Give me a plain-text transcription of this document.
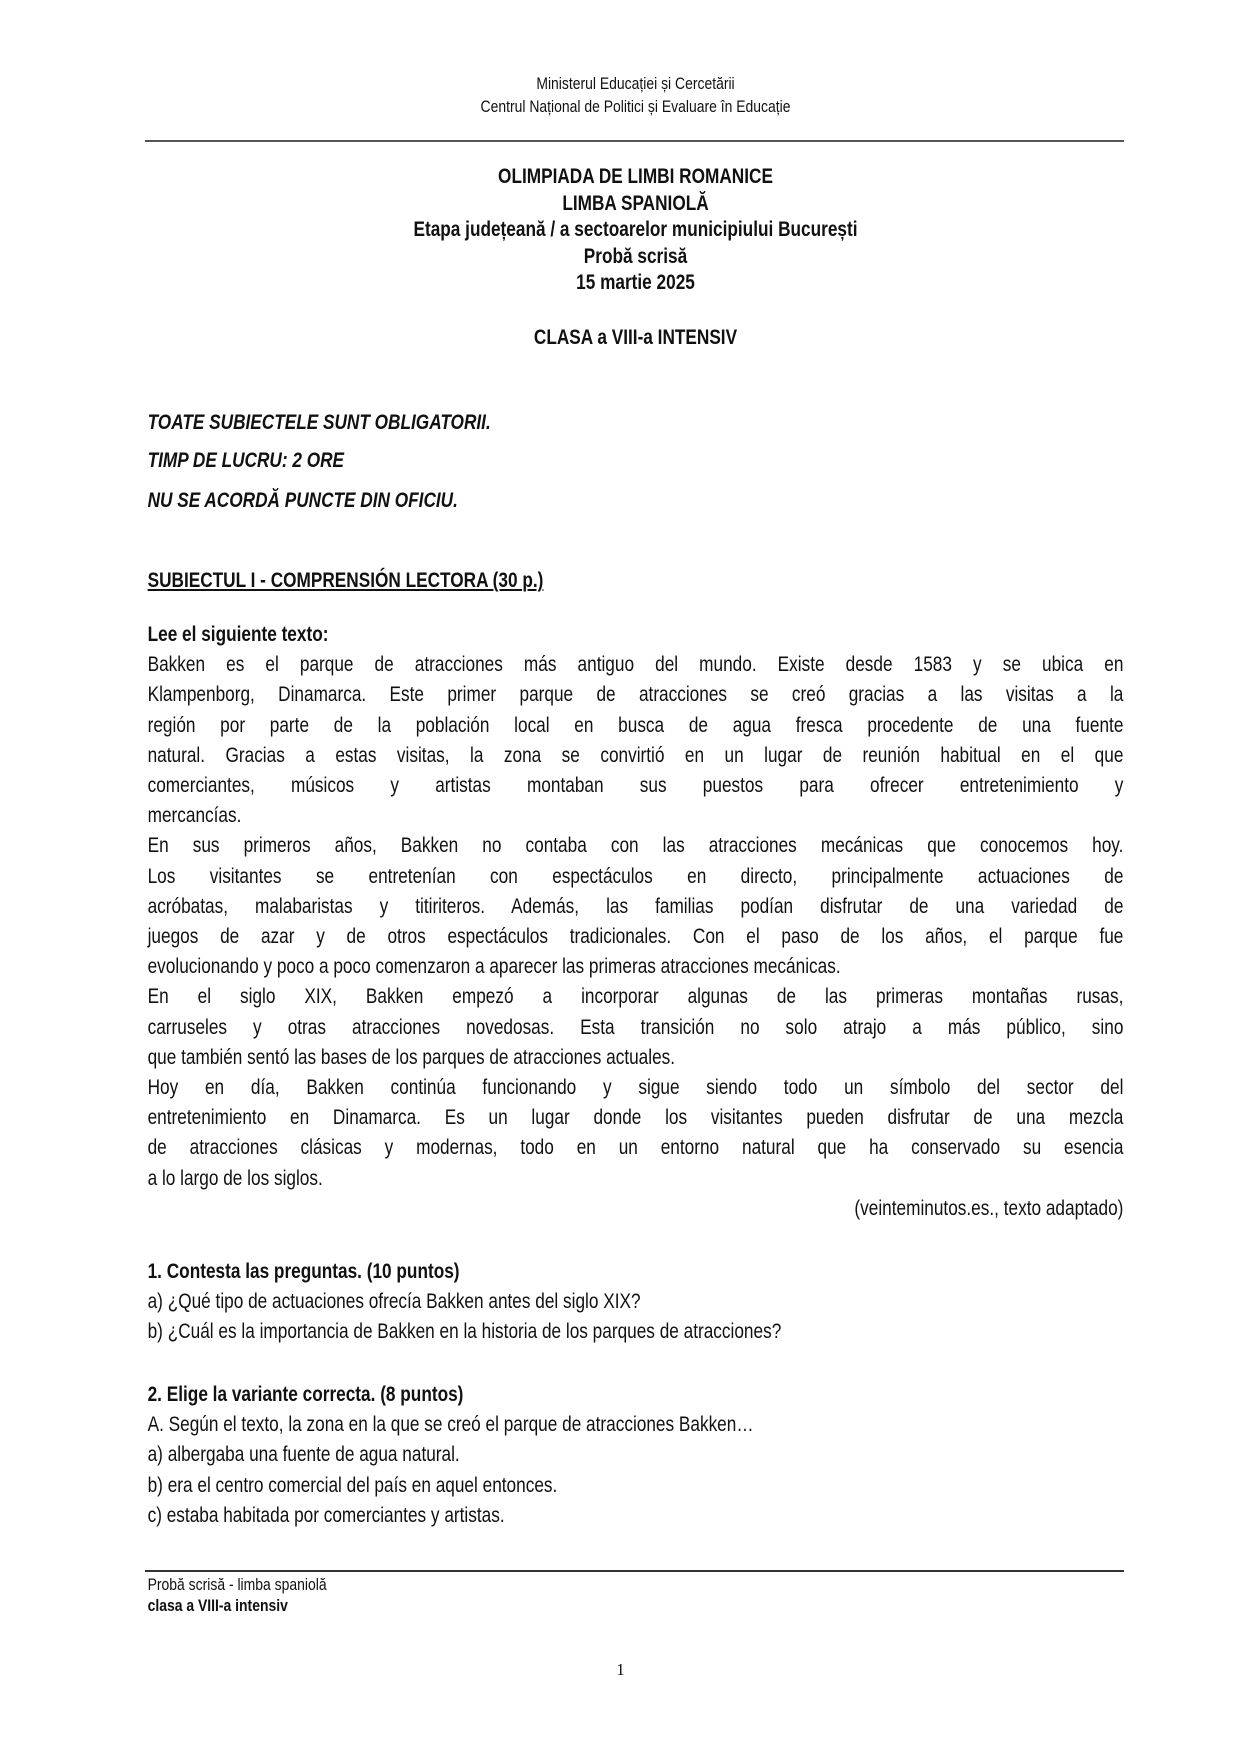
Ministerul Educației și Cercetării
Centrul Național de Politici și Evaluare în Educație
OLIMPIADA DE LIMBI ROMANICE
LIMBA SPANIOLĂ
Etapa județeană / a sectoarelor municipiului București
Probă scrisă
15 martie 2025
CLASA a VIII-a INTENSIV
TOATE SUBIECTELE SUNT OBLIGATORII.
TIMP DE LUCRU: 2 ORE
NU SE ACORDĂ PUNCTE DIN OFICIU.
SUBIECTUL I - COMPRENSIÓN LECTORA (30 p.)
Lee el siguiente texto:
Bakken es el parque de atracciones más antiguo del mundo. Existe desde 1583 y se ubica en
Klampenborg, Dinamarca. Este primer parque de atracciones se creó gracias a las visitas a la
región por parte de la población local en busca de agua fresca procedente de una fuente
natural. Gracias a estas visitas, la zona se convirtió en un lugar de reunión habitual en el que
comerciantes, músicos y artistas montaban sus puestos para ofrecer entretenimiento y
mercancías.
En sus primeros años, Bakken no contaba con las atracciones mecánicas que conocemos hoy.
Los visitantes se entretenían con espectáculos en directo, principalmente actuaciones de
acróbatas, malabaristas y titiriteros. Además, las familias podían disfrutar de una variedad de
juegos de azar y de otros espectáculos tradicionales. Con el paso de los años, el parque fue
evolucionando y poco a poco comenzaron a aparecer las primeras atracciones mecánicas.
En el siglo XIX, Bakken empezó a incorporar algunas de las primeras montañas rusas,
carruseles y otras atracciones novedosas. Esta transición no solo atrajo a más público, sino
que también sentó las bases de los parques de atracciones actuales.
Hoy en día, Bakken continúa funcionando y sigue siendo todo un símbolo del sector del
entretenimiento en Dinamarca. Es un lugar donde los visitantes pueden disfrutar de una mezcla
de atracciones clásicas y modernas, todo en un entorno natural que ha conservado su esencia
a lo largo de los siglos.
(veinteminutos.es., texto adaptado)
1. Contesta las preguntas. (10 puntos)
a) ¿Qué tipo de actuaciones ofrecía Bakken antes del siglo XIX?
b) ¿Cuál es la importancia de Bakken en la historia de los parques de atracciones?
2. Elige la variante correcta. (8 puntos)
A. Según el texto, la zona en la que se creó el parque de atracciones Bakken…
a) albergaba una fuente de agua natural.
b) era el centro comercial del país en aquel entonces.
c) estaba habitada por comerciantes y artistas.
Probă scrisă - limba spaniolă
clasa a VIII-a intensiv
1
